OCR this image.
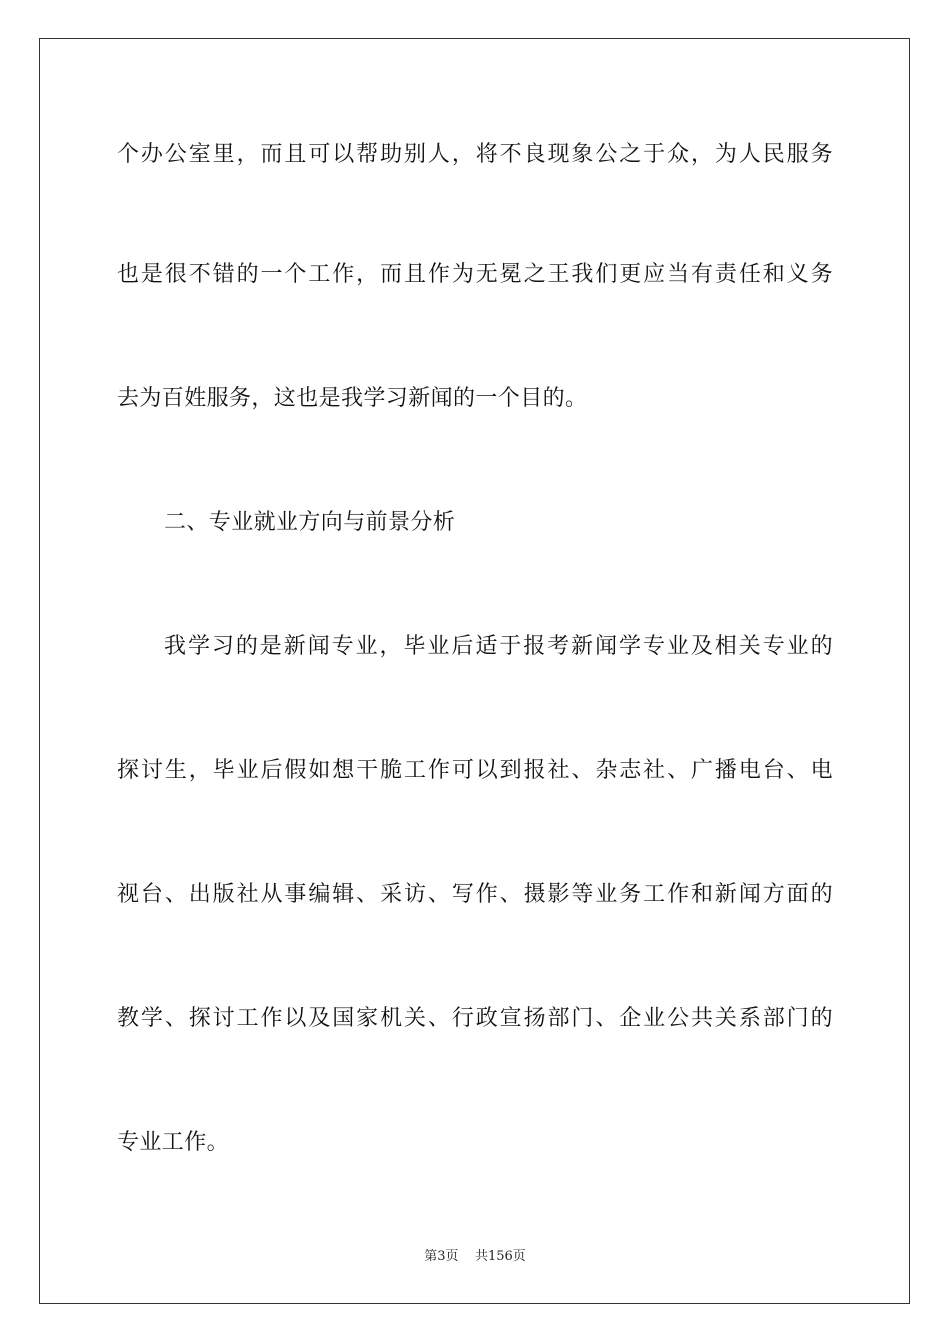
个办公室里，而且可以帮助别人，将不良现象公之于众，为人民服务
也是很不错的一个工作，而且作为无冕之王我们更应当有责任和义务
去为百姓服务，这也是我学习新闻的一个目的。
二、专业就业方向与前景分析
我学习的是新闻专业，毕业后适于报考新闻学专业及相关专业的
探讨生，毕业后假如想干脆工作可以到报社、杂志社、广播电台、电
视台、出版社从事编辑、采访、写作、摄影等业务工作和新闻方面的
教学、探讨工作以及国家机关、行政宣扬部门、企业公共关系部门的
专业工作。
第3页    共156页
